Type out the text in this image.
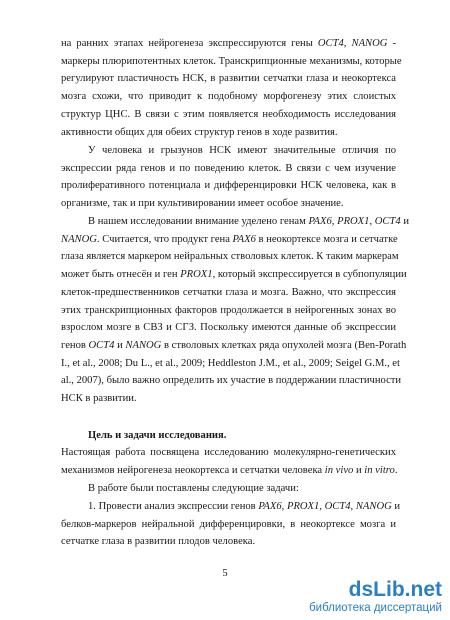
на ранних этапах нейрогенеза экспрессируются гены OCT4, NANOG -
маркеры плюрипотентных клеток. Транскрипционные механизмы, которые
регулируют пластичность НСК, в развитии сетчатки глаза и неокортекса
мозга схожи, что приводит к подобному морфогенезу этих слоистых
структур ЦНС. В связи с этим появляется необходимость исследования
активности общих для обеих структур генов в ходе развития.
У человека и грызунов НСК имеют значительные отличия по
экспрессии ряда генов и по поведению клеток. В связи с чем изучение
пролиферативного потенциала и дифференцировки НСК человека, как в
организме, так и при культивировании имеет особое значение.
В нашем исследовании внимание уделено генам PAX6, PROX1, OCT4 и
NANOG. Считается, что продукт гена PAX6 в неокортексе мозга и сетчатке
глаза является маркером нейральных стволовых клеток. К таким маркерам
может быть отнесён и ген PROX1, который экспрессируется в субпопуляции
клеток-предшественников сетчатки глаза и мозга. Важно, что экспрессия
этих транскрипционных факторов продолжается в нейрогенных зонах во
взрослом мозге в СВЗ и СГЗ. Поскольку имеются данные об экспрессии
генов OCT4 и NANOG в стволовых клетках ряда опухолей мозга (Ben-Porath
I., et al., 2008; Du L., et al., 2009; Heddleston J.M., et al., 2009; Seigel G.M., et
al., 2007), было важно определить их участие в поддержании пластичности
НСК в развитии.
Цель и задачи исследования.
Настоящая работа посвящена исследованию молекулярно-генетических
механизмов нейрогенеза неокортекса и сетчатки человека in vivo и in vitro.
В работе были поставлены следующие задачи:
1. Провести анализ экспрессии генов PAX6, PROX1, OCT4, NANOG и
белков-маркеров нейральной дифференцировки, в неокортексе мозга и
сетчатке глаза в развитии плодов человека.
5
dsLib.net
библиотека диссертаций
